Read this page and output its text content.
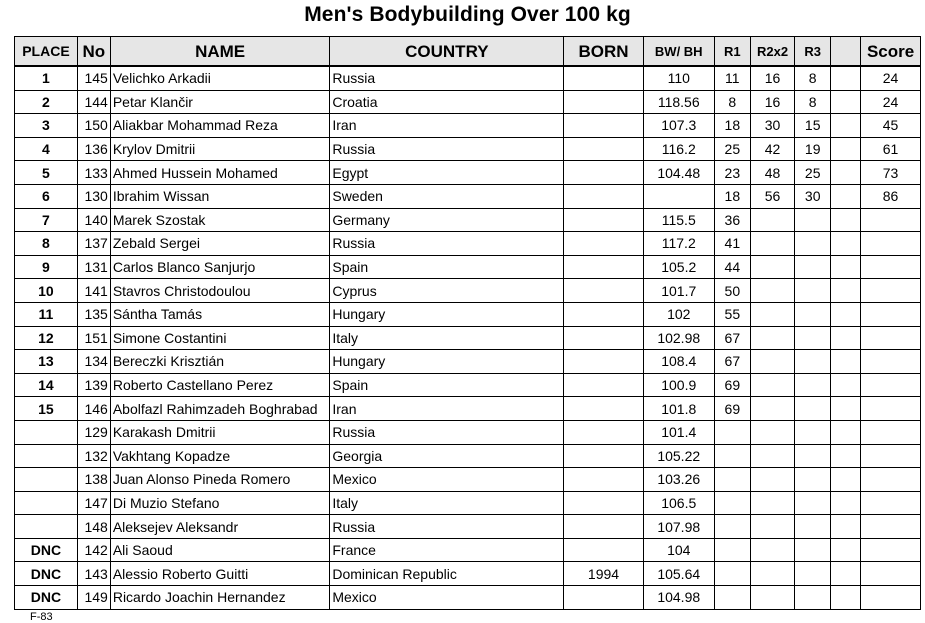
Men's Bodybuilding Over 100 kg
PLACE	No	NAME	COUNTRY	BORN	BW/ BH	R1	R2x2	R3		Score
1	145	Velichko Arkadii	Russia		110	11	16	8		24
2	144	Petar Klančir	Croatia		118.56	8	16	8		24
3	150	Aliakbar Mohammad Reza	Iran		107.3	18	30	15		45
4	136	Krylov Dmitrii	Russia		116.2	25	42	19		61
5	133	Ahmed Hussein Mohamed	Egypt		104.48	23	48	25		73
6	130	Ibrahim Wissan	Sweden			18	56	30		86
7	140	Marek Szostak	Germany		115.5	36				
8	137	Zebald Sergei	Russia		117.2	41				
9	131	Carlos Blanco Sanjurjo	Spain		105.2	44				
10	141	Stavros Christodoulou	Cyprus		101.7	50				
11	135	Sántha Tamás	Hungary		102	55				
12	151	Simone Costantini	Italy		102.98	67				
13	134	Bereczki Krisztián	Hungary		108.4	67				
14	139	Roberto Castellano Perez	Spain		100.9	69				
15	146	Abolfazl Rahimzadeh Boghrabad	Iran		101.8	69				
	129	Karakash Dmitrii	Russia		101.4					
	132	Vakhtang Kopadze	Georgia		105.22					
	138	Juan Alonso Pineda Romero	Mexico		103.26					
	147	Di Muzio Stefano	Italy		106.5					
	148	Aleksejev Aleksandr	Russia		107.98					
DNC	142	Ali Saoud	France		104					
DNC	143	Alessio Roberto Guitti	Dominican Republic	1994	105.64					
DNC	149	Ricardo Joachin Hernandez	Mexico		104.98					
F-83
